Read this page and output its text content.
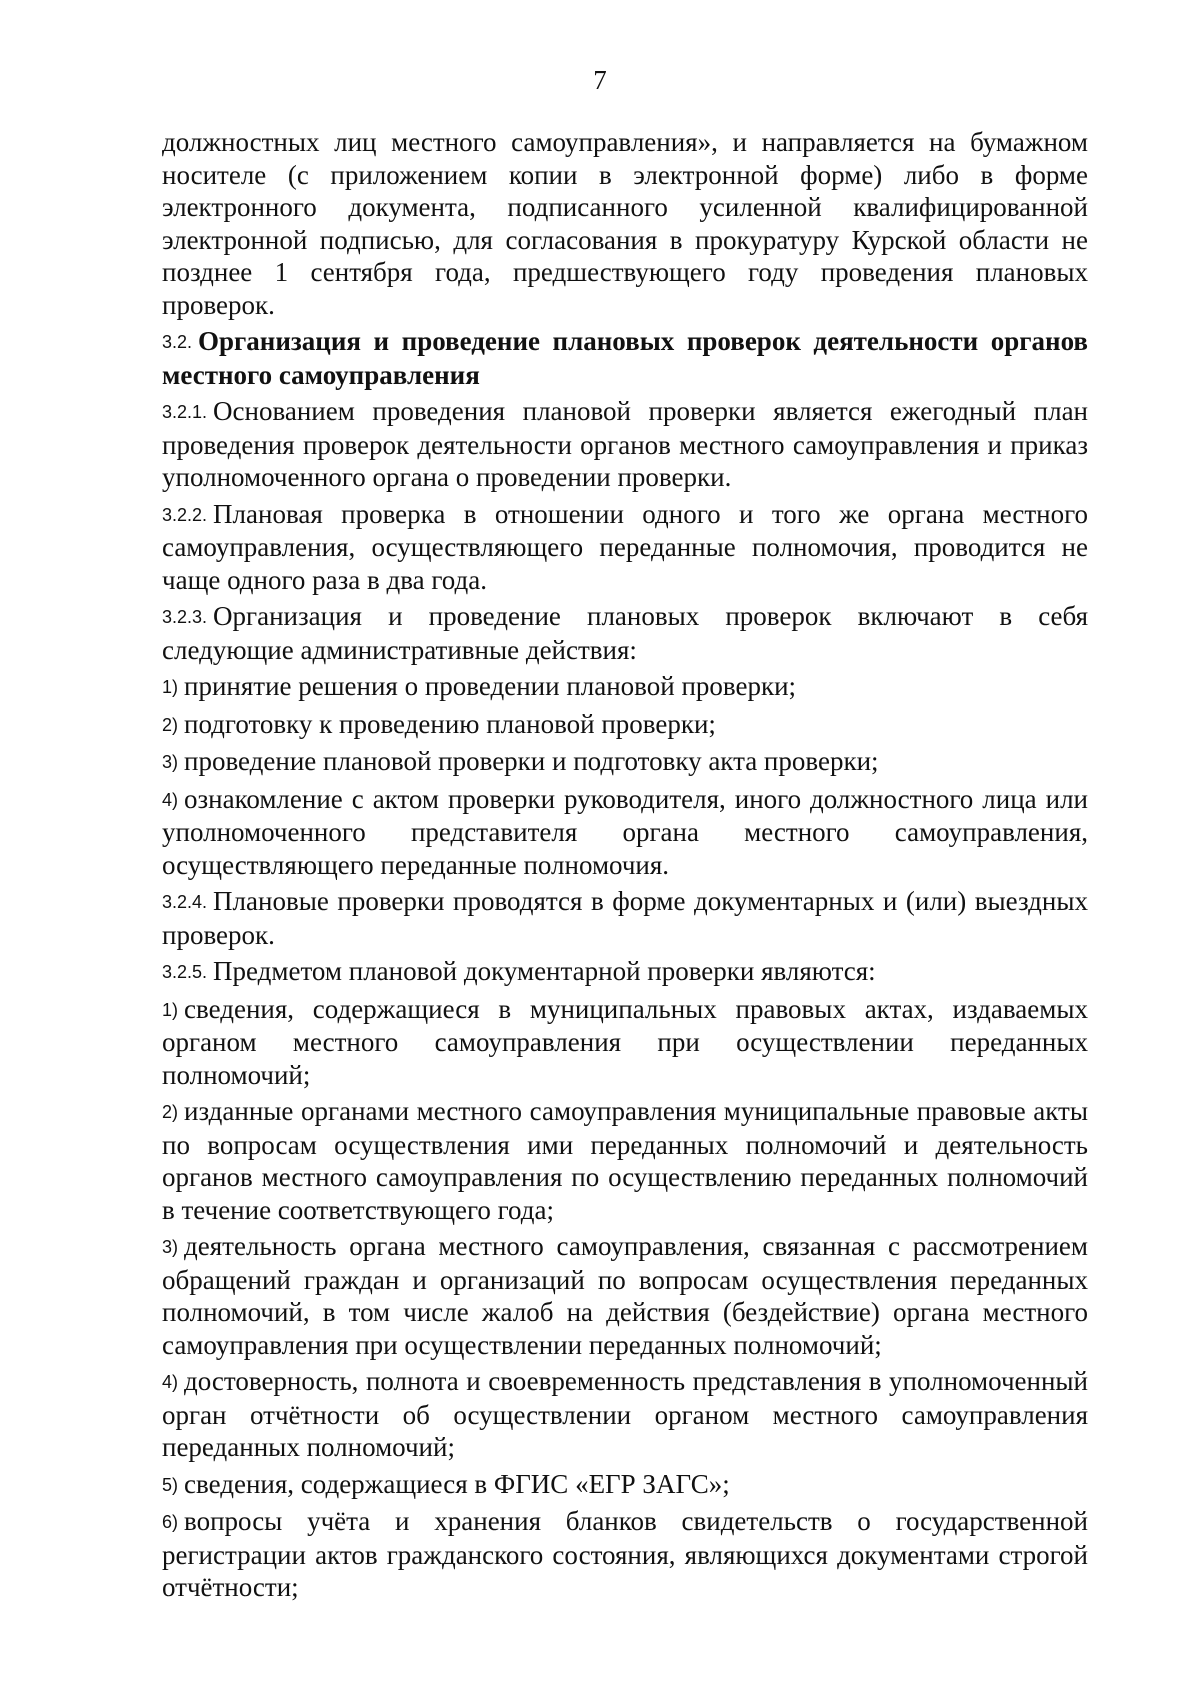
7

должностных лиц местного самоуправления», и направляется на бумажном носителе (с приложением копии в электронной форме) либо в форме электронного документа, подписанного усиленной квалифицированной электронной подписью, для согласования в прокуратуру Курской области не позднее 1 сентября года, предшествующего году проведения плановых проверок.

3.2. Организация и проведение плановых проверок деятельности органов местного самоуправления

3.2.1. Основанием проведения плановой проверки является ежегодный план проведения проверок деятельности органов местного самоуправления и приказ уполномоченного органа о проведении проверки.

3.2.2. Плановая проверка в отношении одного и того же органа местного самоуправления, осуществляющего переданные полномочия, проводится не чаще одного раза в два года.

3.2.3. Организация и проведение плановых проверок включают в себя следующие административные действия:

1) принятие решения о проведении плановой проверки;

2) подготовку к проведению плановой проверки;

3) проведение плановой проверки и подготовку акта проверки;

4) ознакомление с актом проверки руководителя, иного должностного лица или уполномоченного представителя органа местного самоуправления, осуществляющего переданные полномочия.

3.2.4. Плановые проверки проводятся в форме документарных и (или) выездных проверок.

3.2.5. Предметом плановой документарной проверки являются:

1) сведения, содержащиеся в муниципальных правовых актах, издаваемых органом местного самоуправления при осуществлении переданных полномочий;

2) изданные органами местного самоуправления муниципальные правовые акты по вопросам осуществления ими переданных полномочий и деятельность органов местного самоуправления по осуществлению переданных полномочий в течение соответствующего года;

3) деятельность органа местного самоуправления, связанная с рассмотрением обращений граждан и организаций по вопросам осуществления переданных полномочий, в том числе жалоб на действия (бездействие) органа местного самоуправления при осуществлении переданных полномочий;

4) достоверность, полнота и своевременность представления в уполномоченный орган отчётности об осуществлении органом местного самоуправления переданных полномочий;

5) сведения, содержащиеся в ФГИС «ЕГР ЗАГС»;

6) вопросы учёта и хранения бланков свидетельств о государственной регистрации актов гражданского состояния, являющихся документами строгой отчётности;
